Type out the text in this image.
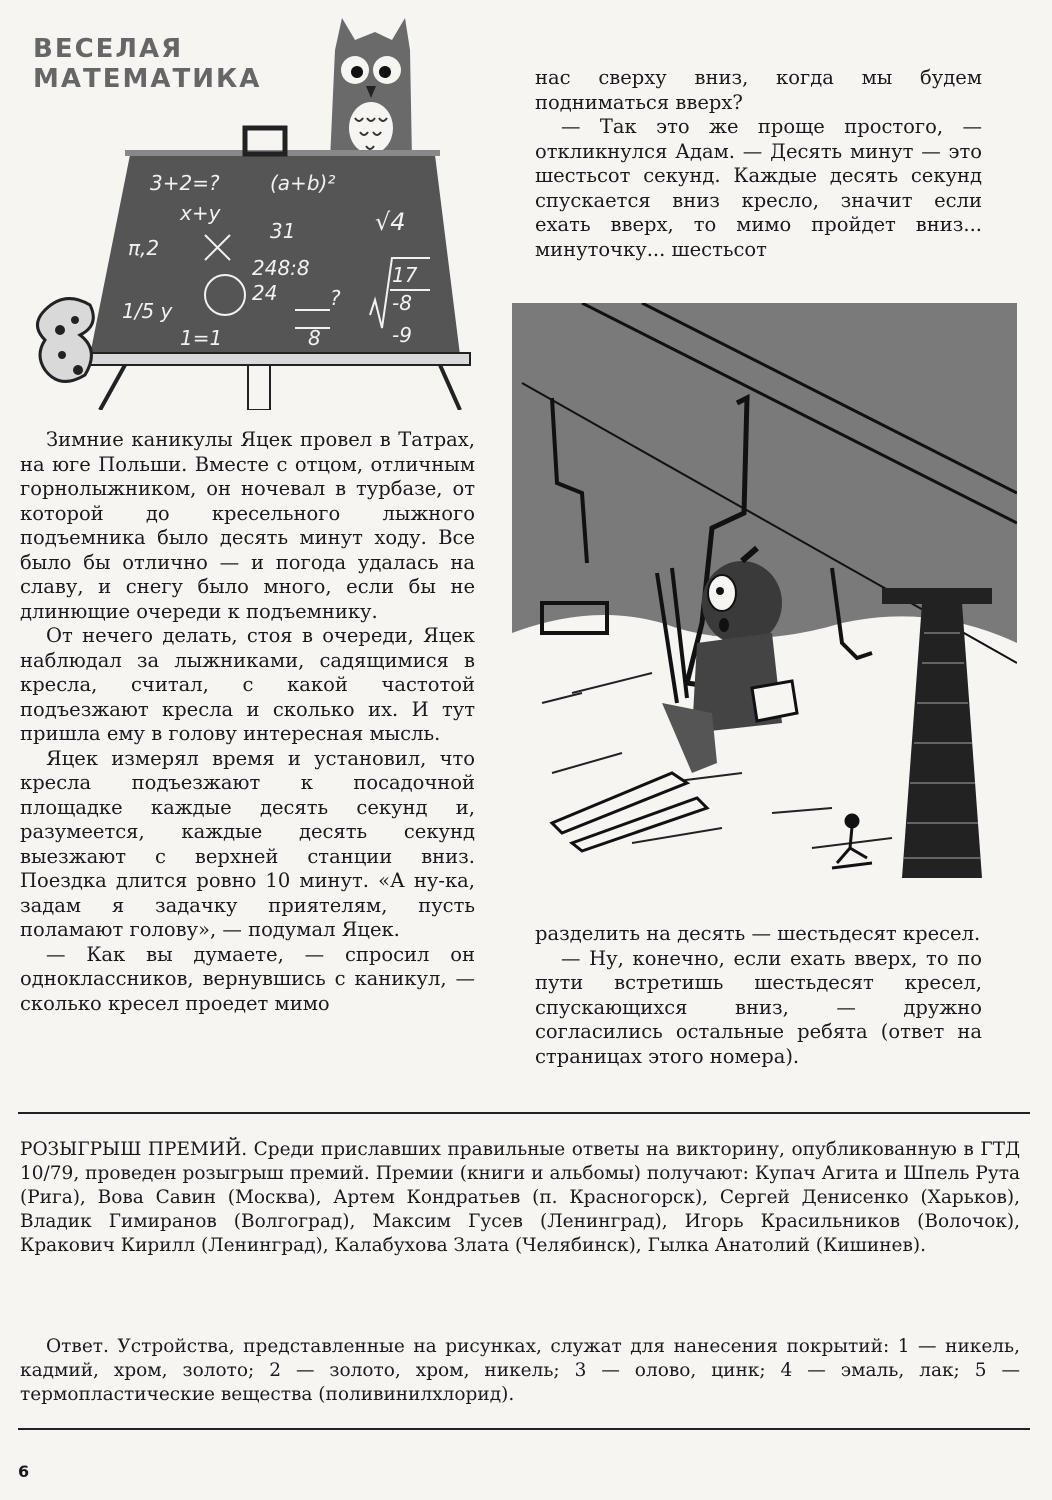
ВЕСЕЛАЯ
МАТЕМАТИКА
3+2=?	(a+b)²
x+y
31	√4
π,2
248:8
24
17
-8
1/5 y
1=1	8	-9
?

нас сверху вниз, когда мы будем подниматься вверх?

— Так это же проще простого, — откликнулся Адам. — Десять минут — это шестьсот секунд. Каждые десять секунд спускается вниз кресло, значит если ехать вверх, то мимо пройдет вниз... минуточку... шестьсот

Зимние каникулы Яцек провел в Татрах, на юге Польши. Вместе с отцом, отличным горнолыжником, он ночевал в турбазе, от которой до кресельного лыжного подъемника было десять минут ходу. Все было бы отлично — и погода удалась на славу, и снегу было много, если бы не длинющие очереди к подъемнику.

От нечего делать, стоя в очереди, Яцек наблюдал за лыжниками, садящимися в кресла, считал, с какой частотой подъезжают кресла и сколько их. И тут пришла ему в голову интересная мысль.

Яцек измерял время и установил, что кресла подъезжают к посадочной площадке каждые десять секунд и, разумеется, каждые десять секунд выезжают с верхней станции вниз. Поездка длится ровно 10 минут. «А ну-ка, задам я задачку приятелям, пусть поламают голову», — подумал Яцек.

— Как вы думаете, — спросил он одноклассников, вернувшись с каникул, — сколько кресел проедет мимо

разделить на десять — шестьдесят кресел.

— Ну, конечно, если ехать вверх, то по пути встретишь шестьдесят кресел, спускающихся вниз, — дружно согласились остальные ребята (ответ на страницах этого номера).

РОЗЫГРЫШ ПРЕМИЙ. Среди приславших правильные ответы на викторину, опубликованную в ГТД 10/79, проведен розыгрыш премий. Премии (книги и альбомы) получают: Купач Агита и Шпель Рута (Рига), Вова Савин (Москва), Артем Кондратьев (п. Красногорск), Сергей Денисенко (Харьков), Владик Гимиранов (Волгоград), Максим Гусев (Ленинград), Игорь Красильников (Волочок), Кракович Кирилл (Ленинград), Калабухова Злата (Челябинск), Гылка Анатолий (Кишинев).

Ответ. Устройства, представленные на рисунках, служат для нанесения покрытий: 1 — никель, кадмий, хром, золото; 2 — золото, хром, никель; 3 — олово, цинк; 4 — эмаль, лак; 5 — термопластические вещества (поливинилхлорид).

6
